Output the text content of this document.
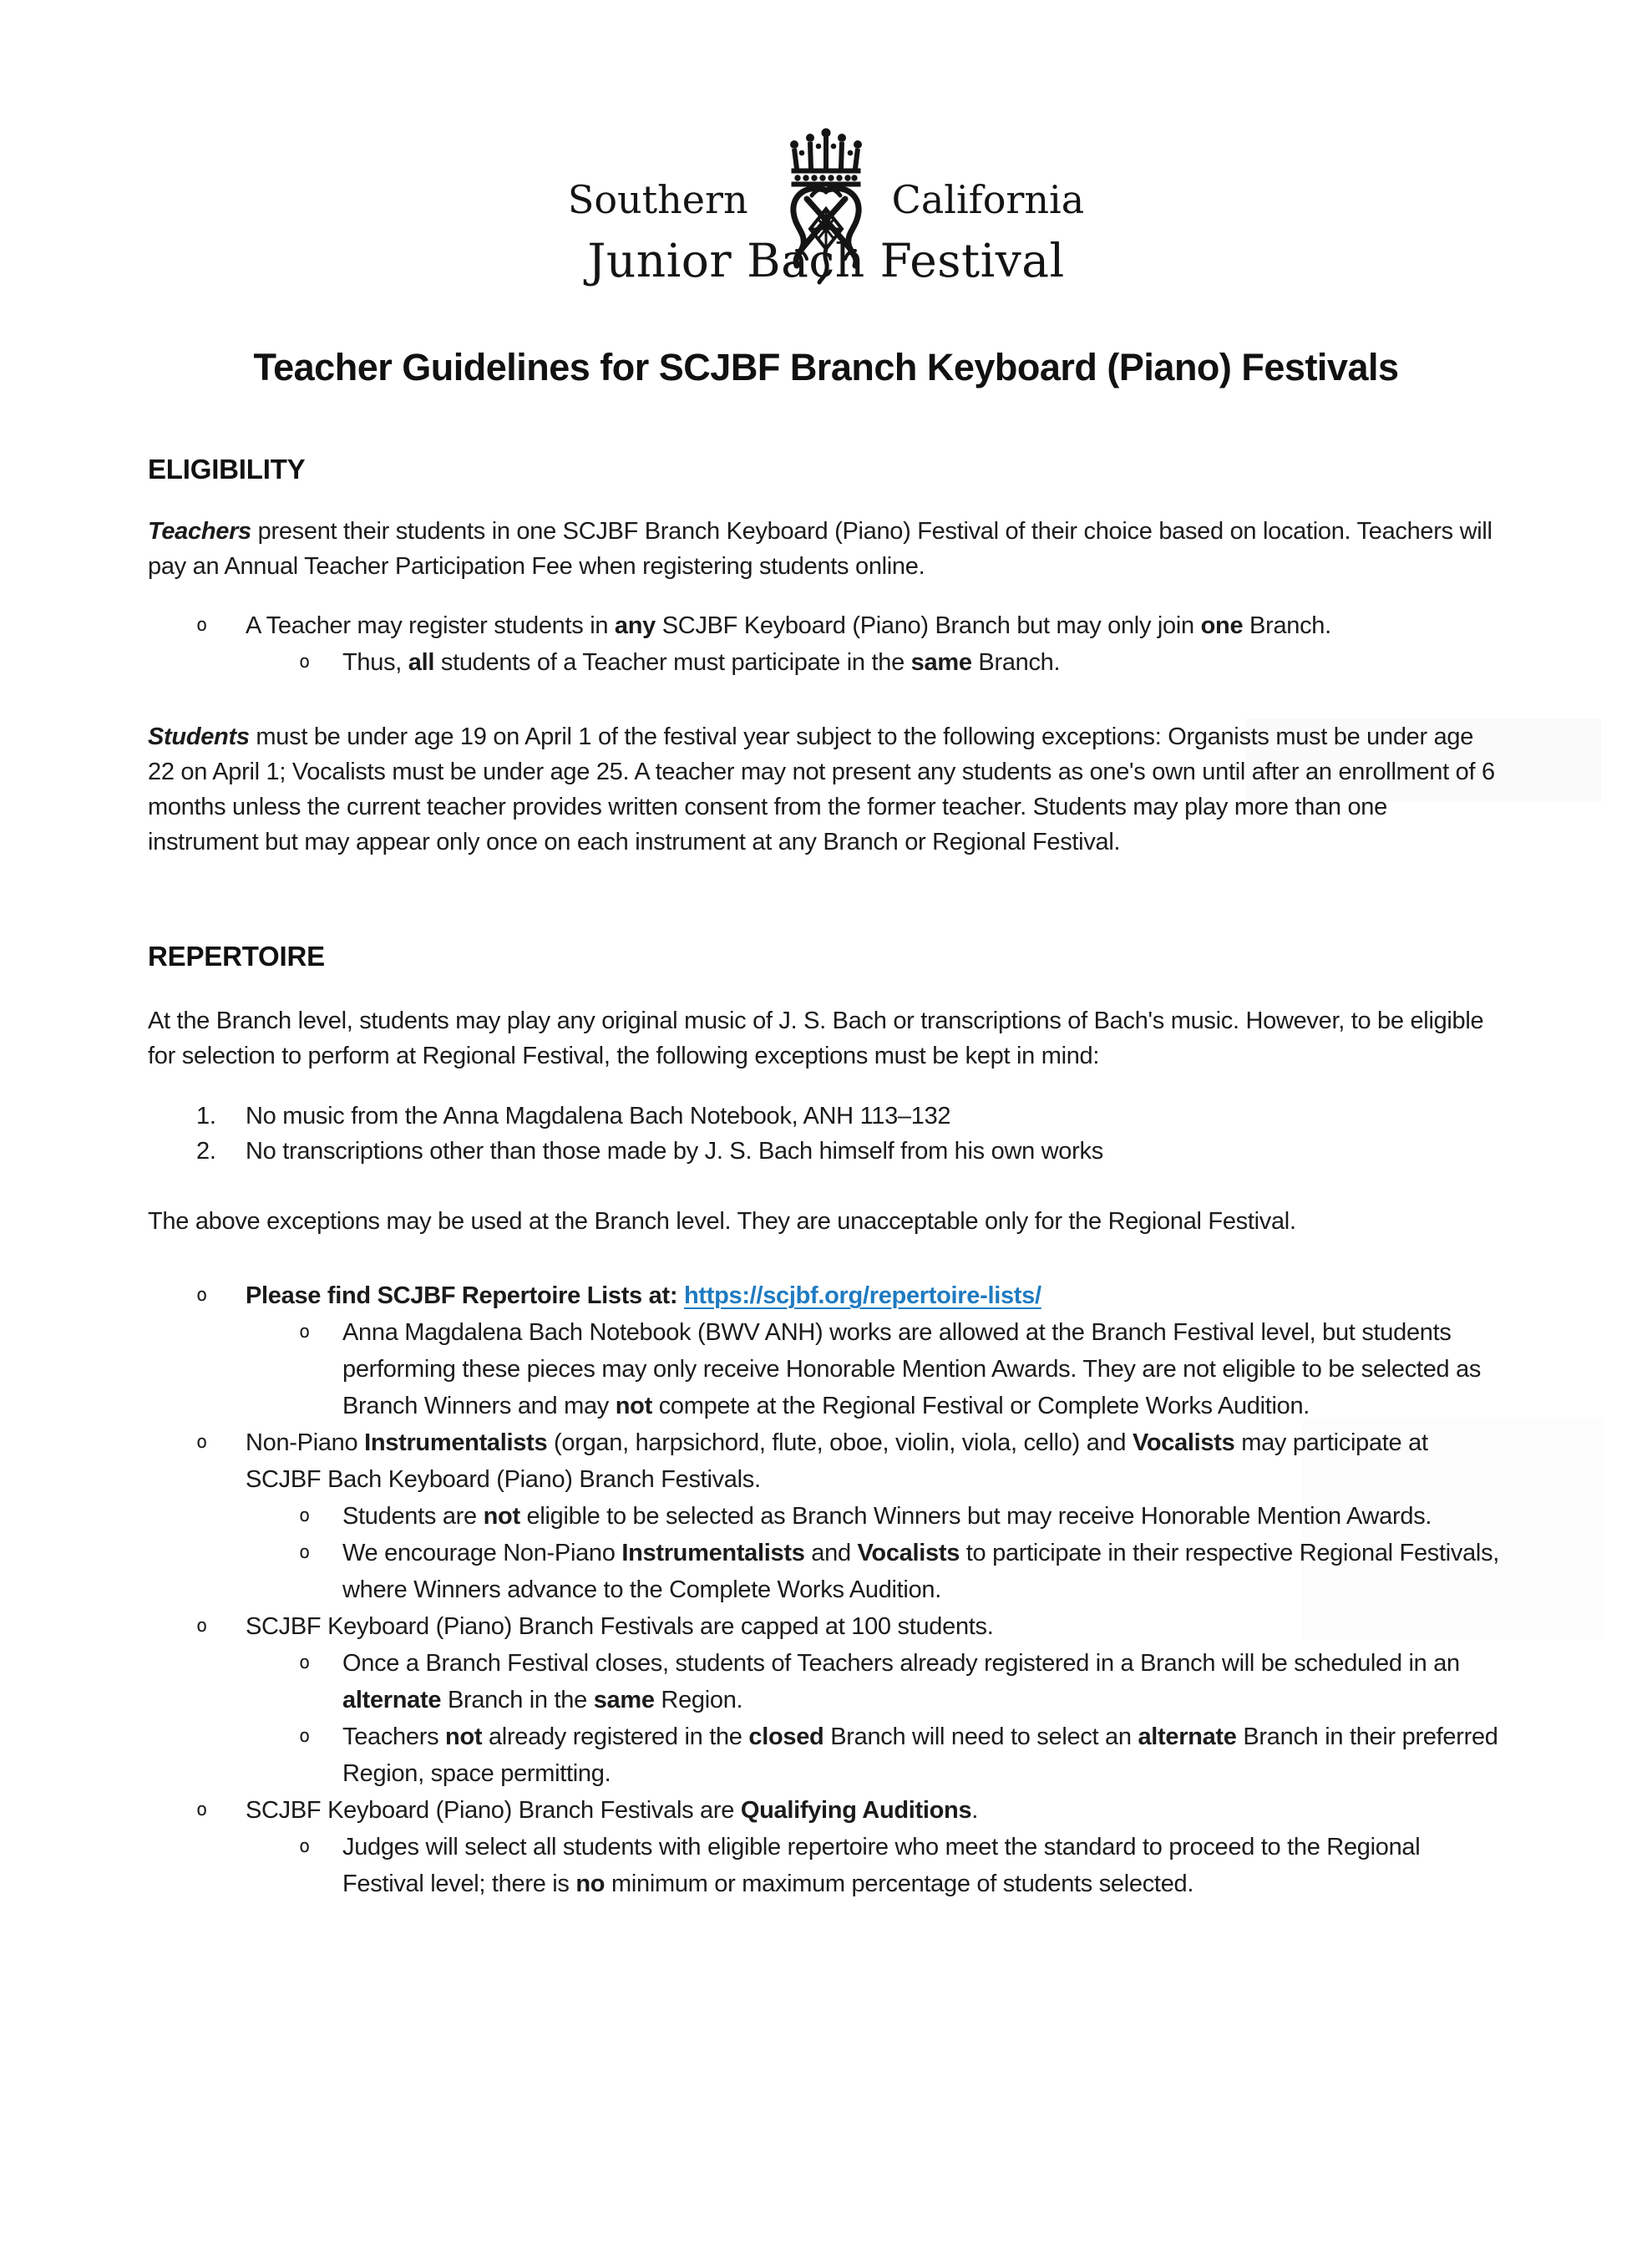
Southern	California
Junior Bach Festival
Teacher Guidelines for SCJBF Branch Keyboard (Piano) Festivals
ELIGIBILITY

Teachers present their students in one SCJBF Branch Keyboard (Piano) Festival of their choice based on location. Teachers will pay an Annual Teacher Participation Fee when registering students online.

o	A Teacher may register students in any SCJBF Keyboard (Piano) Branch but may only join one Branch.
o	Thus, all students of a Teacher must participate in the same Branch.

Students must be under age 19 on April 1 of the festival year subject to the following exceptions: Organists must be under age 22 on April 1; Vocalists must be under age 25. A teacher may not present any students as one's own until after an enrollment of 6 months unless the current teacher provides written consent from the former teacher. Students may play more than one instrument but may appear only once on each instrument at any Branch or Regional Festival.

REPERTOIRE

At the Branch level, students may play any original music of J. S. Bach or transcriptions of Bach's music. However, to be eligible for selection to perform at Regional Festival, the following exceptions must be kept in mind:

1.	No music from the Anna Magdalena Bach Notebook, ANH 113–132
2.	No transcriptions other than those made by J. S. Bach himself from his own works

The above exceptions may be used at the Branch level. They are unacceptable only for the Regional Festival.

o	Please find SCJBF Repertoire Lists at: https://scjbf.org/repertoire-lists/
o	Anna Magdalena Bach Notebook (BWV ANH) works are allowed at the Branch Festival level, but students performing these pieces may only receive Honorable Mention Awards. They are not eligible to be selected as Branch Winners and may not compete at the Regional Festival or Complete Works Audition.
o	Non-Piano Instrumentalists (organ, harpsichord, flute, oboe, violin, viola, cello) and Vocalists may participate at SCJBF Bach Keyboard (Piano) Branch Festivals.
o	Students are not eligible to be selected as Branch Winners but may receive Honorable Mention Awards.
o	We encourage Non-Piano Instrumentalists and Vocalists to participate in their respective Regional Festivals, where Winners advance to the Complete Works Audition.
o	SCJBF Keyboard (Piano) Branch Festivals are capped at 100 students.
o	Once a Branch Festival closes, students of Teachers already registered in a Branch will be scheduled in an alternate Branch in the same Region.
o	Teachers not already registered in the closed Branch will need to select an alternate Branch in their preferred Region, space permitting.
o	SCJBF Keyboard (Piano) Branch Festivals are Qualifying Auditions.
o	Judges will select all students with eligible repertoire who meet the standard to proceed to the Regional Festival level; there is no minimum or maximum percentage of students selected.
